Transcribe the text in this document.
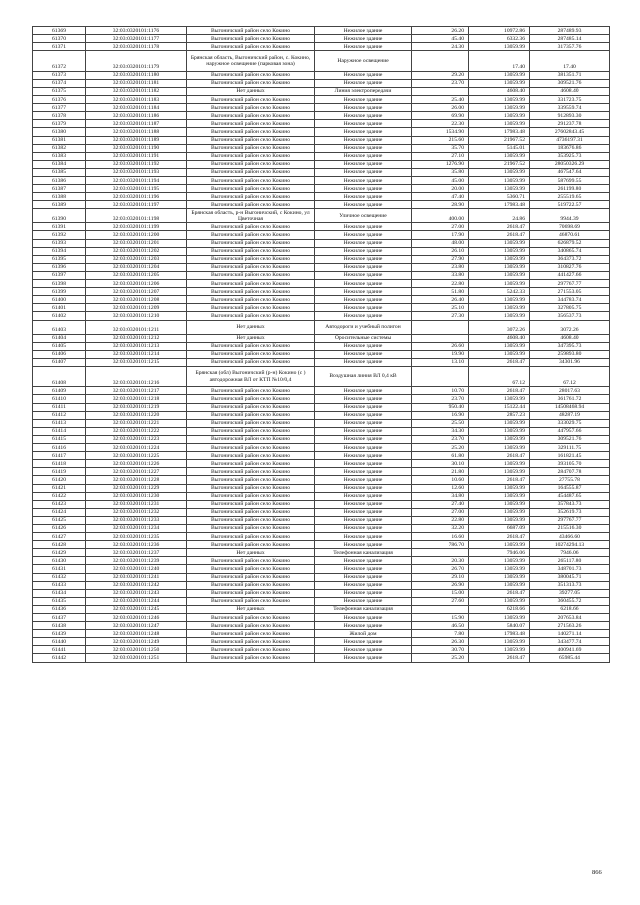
61369	32:03:0320101:1176	Выгоничский район село Кокино	Нежилое здание	26.20	10972.86	287489.93
61370	32:03:0320101:1177	Выгоничский район село Кокино	Нежилое здание	45.40	6332.36	287485.14
61371	32:03:0320101:1178	Выгоничский район село Кокино	Нежилое здание	24.30	13059.99	317357.76
61372	32:03:0320101:1179	Брянская область, Выгоничский район, с. Кокино, наружное освещение (парковая зона)	Наружное освещение		17.40	17.40
61373	32:03:0320101:1180	Выгоничский район село Кокино	Нежилое здание	29.20	13059.99	381351.71
61374	32:03:0320101:1181	Выгоничский район село Кокино	Нежилое здание	23.70	13059.99	309521.76
61375	32:03:0320101:1182	Нет данных	Линия электропередачи		4608.40	4608.40
61376	32:03:0320101:1183	Выгоничский район село Кокино	Нежилое здание	25.40	13059.99	331723.75
61377	32:03:0320101:1184	Выгоничский район село Кокино	Нежилое здание	26.00	13059.99	339559.74
61378	32:03:0320101:1186	Выгоничский район село Кокино	Нежилое здание	69.90	13059.99	912893.30
61379	32:03:0320101:1187	Выгоничский район село Кокино	Нежилое здание	22.30	13059.99	291237.78
61380	32:03:0320101:1188	Выгоничский район село Кокино	Нежилое здание	1534.90	17983.48	27602843.45
61381	32:03:0320101:1189	Выгоничский район село Кокино	Нежилое здание	215.60	21967.52	4736197.31
61382	32:03:0320101:1190	Выгоничский район село Кокино	Нежилое здание	35.70	5145.01	183676.86
61383	32:03:0320101:1191	Выгоничский район село Кокино	Нежилое здание	27.10	13059.99	353925.73
61384	32:03:0320101:1192	Выгоничский район село Кокино	Нежилое здание	1276.90	21967.52	28050326.29
61385	32:03:0320101:1193	Выгоничский район село Кокино	Нежилое здание	35.80	13059.99	467547.64
61386	32:03:0320101:1194	Выгоничский район село Кокино	Нежилое здание	45.00	13059.99	587699.55
61387	32:03:0320101:1195	Выгоничский район село Кокино	Нежилое здание	20.00	13059.99	261199.80
61388	32:03:0320101:1196	Выгоничский район село Кокино	Нежилое здание	47.40	5360.71	255519.65
61389	32:03:0320101:1197	Выгоничский район село Кокино	Нежилое здание	28.90	17983.48	519722.57
61390	32:03:0320101:1198	Брянская область, р-н Выгоничский, с Кокино, ул Цветочная	Уличное освещение	400.00	24.86	9944.39
61391	32:03:0320101:1199	Выгоничский район село Кокино	Нежилое здание	27.00	2618.47	70698.69
61392	32:03:0320101:1200	Выгоничский район село Кокино	Нежилое здание	17.90	2618.47	46870.61
61393	32:03:0320101:1201	Выгоничский район село Кокино	Нежилое здание	48.00	13059.99	626879.52
61394	32:03:0320101:1202	Выгоничский район село Кокино	Нежилое здание	26.10	13059.99	340865.74
61395	32:03:0320101:1203	Выгоничский район село Кокино	Нежилое здание	27.90	13059.99	364373.72
61396	32:03:0320101:1204	Выгоничский район село Кокино	Нежилое здание	23.80	13059.99	310827.76
61397	32:03:0320101:1205	Выгоничский район село Кокино	Нежилое здание	33.80	13059.99	441427.66
61398	32:03:0320101:1206	Выгоничский район село Кокино	Нежилое здание	22.80	13059.99	297767.77
61399	32:03:0320101:1207	Выгоничский район село Кокино	Нежилое здание	51.80	5242.33	271553.05
61400	32:03:0320101:1208	Выгоничский район село Кокино	Нежилое здание	26.40	13059.99	344783.74
61401	32:03:0320101:1209	Выгоничский район село Кокино	Нежилое здание	25.10	13059.99	327805.75
61402	32:03:0320101:1210	Выгоничский район село Кокино	Нежилое здание	27.30	13059.99	356537.73
61403	32:03:0320101:1211	Нет данных	Автодороги и учебный полигон		3072.26	3072.26
61404	32:03:0320101:1212	Нет данных	Оросительные системы		4608.40	4608.40
61405	32:03:0320101:1213	Выгоничский район село Кокино	Нежилое здание	26.60	13059.99	347395.73
61406	32:03:0320101:1214	Выгоничский район село Кокино	Нежилое здание	19.90	13059.99	259893.80
61407	32:03:0320101:1215	Выгоничский район село Кокино	Нежилое здание	13.10	2618.47	34301.96
61408	32:03:0320101:1216	Брянская (обл) Выгоничский (р-н) Кокино (с ) автодорожная ВЛ от КТП №10/0,4	Воздушная линия ВЛ 0,4 кВ		67.12	67.12
61409	32:03:0320101:1217	Выгоничский район село Кокино	Нежилое здание	10.70	2618.47	28017.63
61410	32:03:0320101:1218	Выгоничский район село Кокино	Нежилое здание	23.70	13059.99	361761.72
61411	32:03:0320101:1219	Выгоничский район село Кокино	Нежилое здание	950.40	15122.44	14508468.94
61412	32:03:0320101:1220	Выгоничский район село Кокино	Нежилое здание	16.90	2857.23	48287.19
61413	32:03:0320101:1221	Выгоничский район село Кокино	Нежилое здание	25.50	13059.99	333029.75
61414	32:03:0320101:1222	Выгоничский район село Кокино	Нежилое здание	34.30	13059.99	447957.66
61415	32:03:0320101:1223	Выгоничский район село Кокино	Нежилое здание	23.70	13059.99	309521.76
61416	32:03:0320101:1224	Выгоничский район село Кокино	Нежилое здание	25.20	13059.99	329111.75
61417	32:03:0320101:1225	Выгоничский район село Кокино	Нежилое здание	61.80	2618.47	161821.45
61418	32:03:0320101:1226	Выгоничский район село Кокино	Нежилое здание	30.10	13059.99	393105.70
61419	32:03:0320101:1227	Выгоничский район село Кокино	Нежилое здание	21.80	13059.99	284707.78
61420	32:03:0320101:1228	Выгоничский район село Кокино	Нежилое здание	10.60	2618.47	27755.78
61421	32:03:0320101:1229	Выгоничский район село Кокино	Нежилое здание	12.60	13059.99	164555.87
61422	32:03:0320101:1230	Выгоничский район село Кокино	Нежилое здание	34.80	13059.99	454487.65
61423	32:03:0320101:1231	Выгоничский район село Кокино	Нежилое здание	27.40	13059.99	357843.73
61424	32:03:0320101:1232	Выгоничский район село Кокино	Нежилое здание	27.00	13059.99	352619.73
61425	32:03:0320101:1233	Выгоничский район село Кокино	Нежилое здание	22.80	13059.99	297767.77
61426	32:03:0320101:1234	Выгоничский район село Кокино	Нежилое здание	32.20	6687.09	215516.30
61427	32:03:0320101:1235	Выгоничский район село Кокино	Нежилое здание	16.60	2618.47	43466.60
61428	32:03:0320101:1236	Выгоничский район село Кокино	Нежилое здание	786.70	13059.99	10274294.13
61429	32:03:0320101:1237	Нет данных	Телефонная канализация		7946.06	7946.06
61430	32:03:0320101:1239	Выгоничский район село Кокино	Нежилое здание	20.30	13059.99	265117.80
61431	32:03:0320101:1240	Выгоничский район село Кокино	Нежилое здание	26.70	13059.99	348701.73
61432	32:03:0320101:1241	Выгоничский район село Кокино	Нежилое здание	29.10	13059.99	380045.71
61433	32:03:0320101:1242	Выгоничский район село Кокино	Нежилое здание	26.90	13059.99	351313.73
61434	32:03:0320101:1243	Выгоничский район село Кокино	Нежилое здание	15.00	2618.47	39277.05
61435	32:03:0320101:1244	Выгоничский район село Кокино	Нежилое здание	27.60	13059.99	360455.72
61436	32:03:0320101:1245	Нет данных	Телефонная канализация		6218.66	6218.66
61437	32:03:0320101:1246	Выгоничский район село Кокино	Нежилое здание	15.90	13059.99	207653.84
61438	32:03:0320101:1247	Выгоничский район село Кокино	Нежилое здание	46.50	5840.07	271563.26
61439	32:03:0320101:1248	Выгоничский район село Кокино	Жилой дом	7.80	17983.48	140271.14
61440	32:03:0320101:1249	Выгоничский район село Кокино	Нежилое здание	26.30	13059.99	343477.74
61441	32:03:0320101:1250	Выгоничский район село Кокино	Нежилое здание	30.70	13059.99	400941.69
61442	32:03:0320101:1251	Выгоничский район село Кокино	Нежилое здание	25.20	2618.47	65985.44
866
